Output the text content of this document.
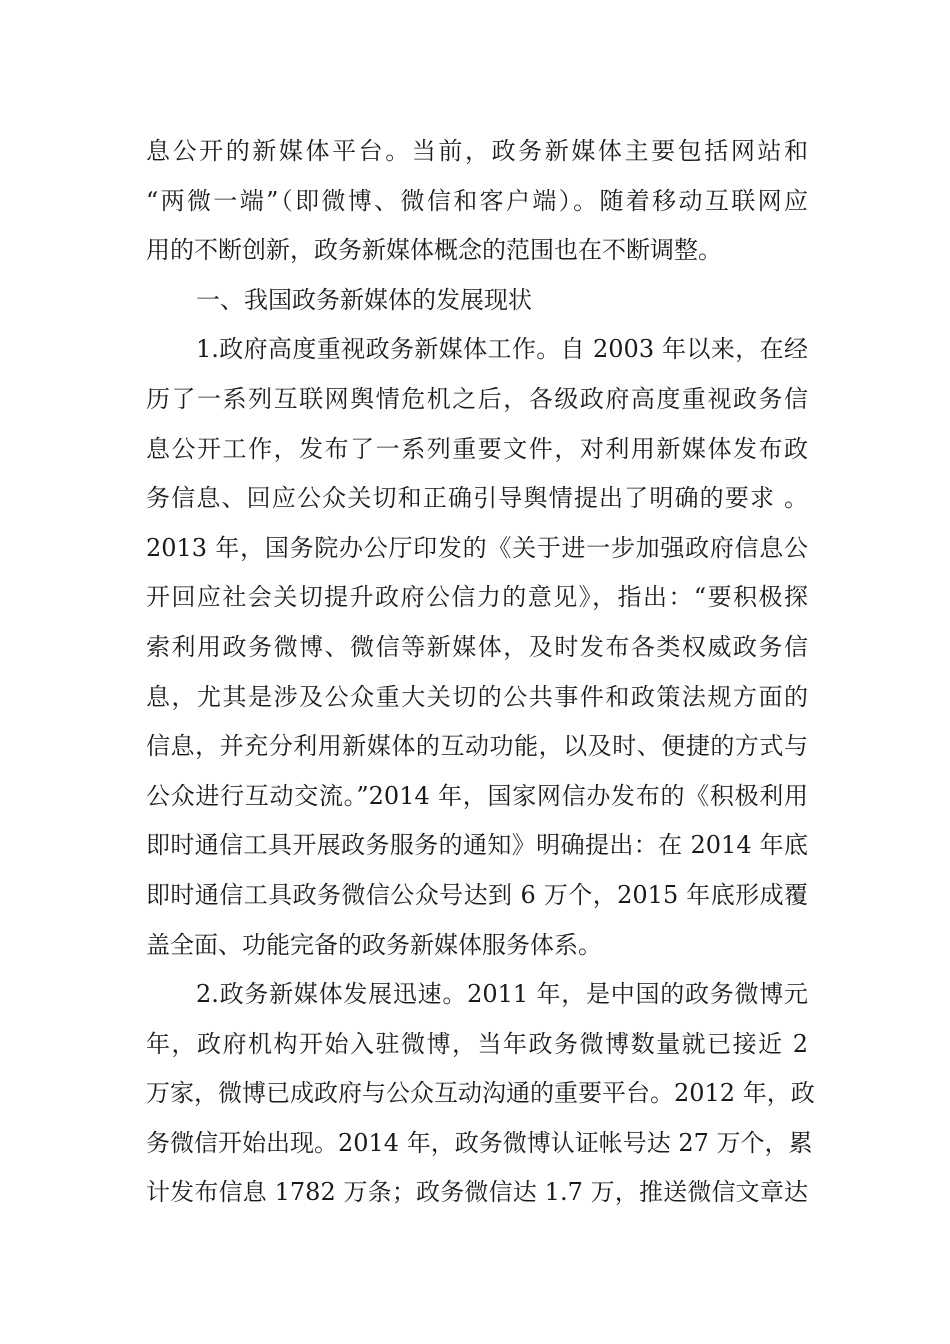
息公开的新媒体平台。当前，政务新媒体主要包括网站和
“两微一端”（即微博、微信和客户端）。随着移动互联网应
用的不断创新，政务新媒体概念的范围也在不断调整。
一、我国政务新媒体的发展现状
1.政府高度重视政务新媒体工作。自 2003 年以来，在经
历了一系列互联网舆情危机之后，各级政府高度重视政务信
息公开工作，发布了一系列重要文件，对利用新媒体发布政
务信息、回应公众关切和正确引导舆情提出了明确的要求 。
2013 年，国务院办公厅印发的《关于进一步加强政府信息公
开回应社会关切提升政府公信力的意见》，指出：“要积极探
索利用政务微博、微信等新媒体，及时发布各类权威政务信
息，尤其是涉及公众重大关切的公共事件和政策法规方面的
信息，并充分利用新媒体的互动功能，以及时、便捷的方式与
公众进行互动交流。”2014 年，国家网信办发布的《积极利用
即时通信工具开展政务服务的通知》明确提出：在 2014 年底
即时通信工具政务微信公众号达到 6 万个，2015 年底形成覆
盖全面、功能完备的政务新媒体服务体系。
2.政务新媒体发展迅速。2011 年，是中国的政务微博元
年，政府机构开始入驻微博，当年政务微博数量就已接近 2
万家，微博已成政府与公众互动沟通的重要平台。2012 年，政
务微信开始出现。2014 年，政务微博认证帐号达 27 万个，累
计发布信息 1782 万条；政务微信达 1.7 万，推送微信文章达
